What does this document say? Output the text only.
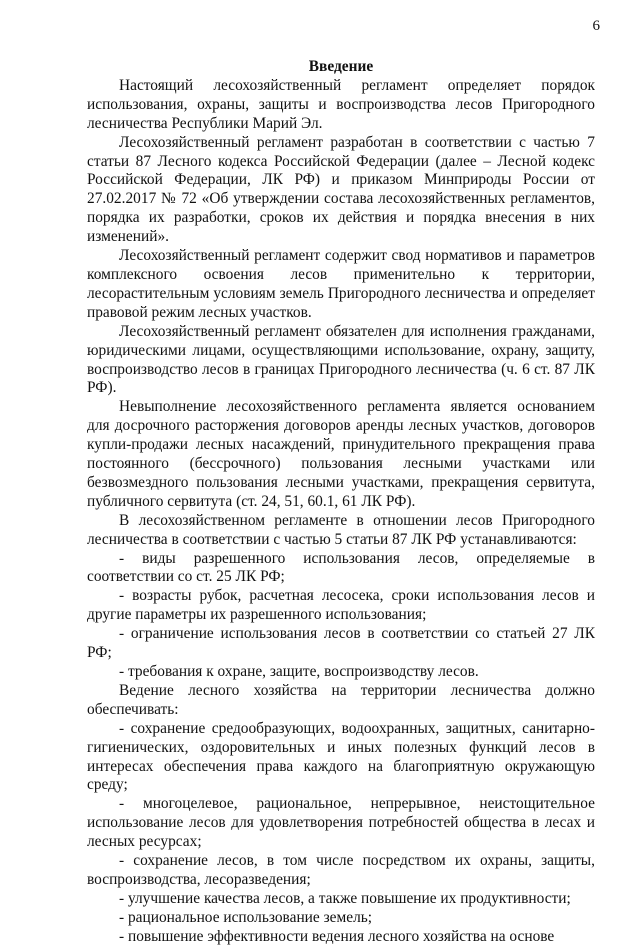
6

Введение

Настоящий лесохозяйственный регламент определяет порядок использования, охраны, защиты и воспроизводства лесов Пригородного лесничества Республики Марий Эл.

Лесохозяйственный регламент разработан в соответствии с частью 7 статьи 87 Лесного кодекса Российской Федерации (далее – Лесной кодекс Российской Федерации, ЛК РФ) и приказом Минприроды России от 27.02.2017 № 72 «Об утверждении состава лесохозяйственных регламентов, порядка их разработки, сроков их действия и порядка внесения в них изменений».

Лесохозяйственный регламент содержит свод нормативов и параметров комплексного освоения лесов применительно к территории, лесорастительным условиям земель Пригородного лесничества и определяет правовой режим лесных участков.

Лесохозяйственный регламент обязателен для исполнения гражданами, юридическими лицами, осуществляющими использование, охрану, защиту, воспроизводство лесов в границах Пригородного лесничества (ч. 6 ст. 87 ЛК РФ).

Невыполнение лесохозяйственного регламента является основанием для досрочного расторжения договоров аренды лесных участков, договоров купли-продажи лесных насаждений, принудительного прекращения права постоянного (бессрочного) пользования лесными участками или безвозмездного пользования лесными участками, прекращения сервитута, публичного сервитута (ст. 24, 51, 60.1, 61 ЛК РФ).

В лесохозяйственном регламенте в отношении лесов Пригородного лесничества в соответствии с частью 5 статьи 87 ЛК РФ устанавливаются:

- виды разрешенного использования лесов, определяемые в соответствии со ст. 25 ЛК РФ;

- возрасты рубок, расчетная лесосека, сроки использования лесов и другие параметры их разрешенного использования;

- ограничение использования лесов в соответствии со статьей 27 ЛК РФ;

- требования к охране, защите, воспроизводству лесов.

Ведение лесного хозяйства на территории лесничества должно обеспечивать:

- сохранение средообразующих, водоохранных, защитных, санитарно-гигиенических, оздоровительных и иных полезных функций лесов в интересах обеспечения права каждого на благоприятную окружающую среду;

- многоцелевое, рациональное, непрерывное, неистощительное использование лесов для удовлетворения потребностей общества в лесах и лесных ресурсах;

- сохранение лесов, в том числе посредством их охраны, защиты, воспроизводства, лесоразведения;

- улучшение качества лесов, а также повышение их продуктивности;

- рациональное использование земель;

- повышение эффективности ведения лесного хозяйства на основе
